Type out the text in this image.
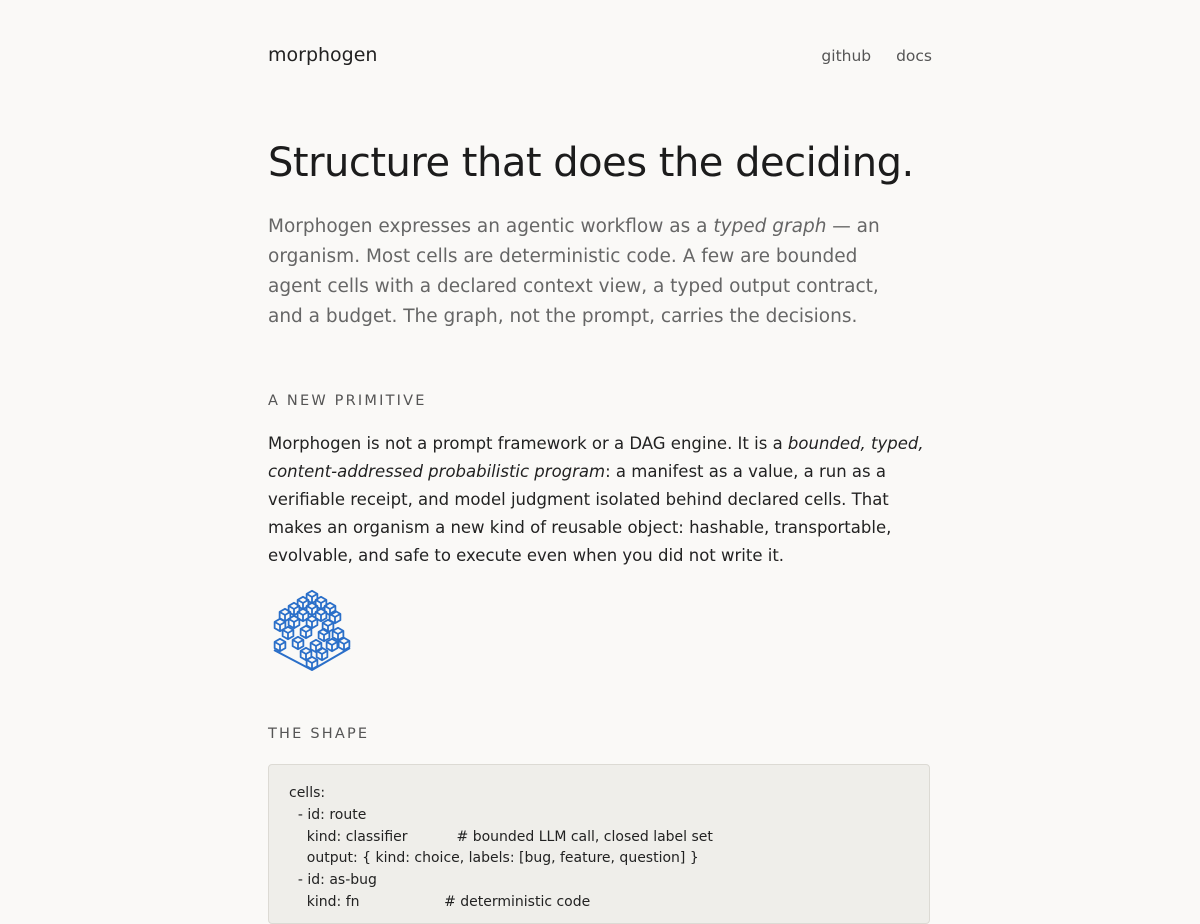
morphogen	github docs
Structure that does the deciding.

Morphogen expresses an agentic workflow as a typed graph — an organism. Most cells are deterministic code. A few are bounded agent cells with a declared context view, a typed output contract, and a budget. The graph, not the prompt, carries the decisions.

A NEW PRIMITIVE

Morphogen is not a prompt framework or a DAG engine. It is a bounded, typed, content-addressed probabilistic program: a manifest as a value, a run as a verifiable receipt, and model judgment isolated behind declared cells. That makes an organism a new kind of reusable object: hashable, transportable, evolvable, and safe to execute even when you did not write it.

THE SHAPE
cells:
- id: route
kind: classifier           # bounded LLM call, closed label set
output: { kind: choice, labels: [bug, feature, question] }
- id: as-bug
kind: fn                   # deterministic code
